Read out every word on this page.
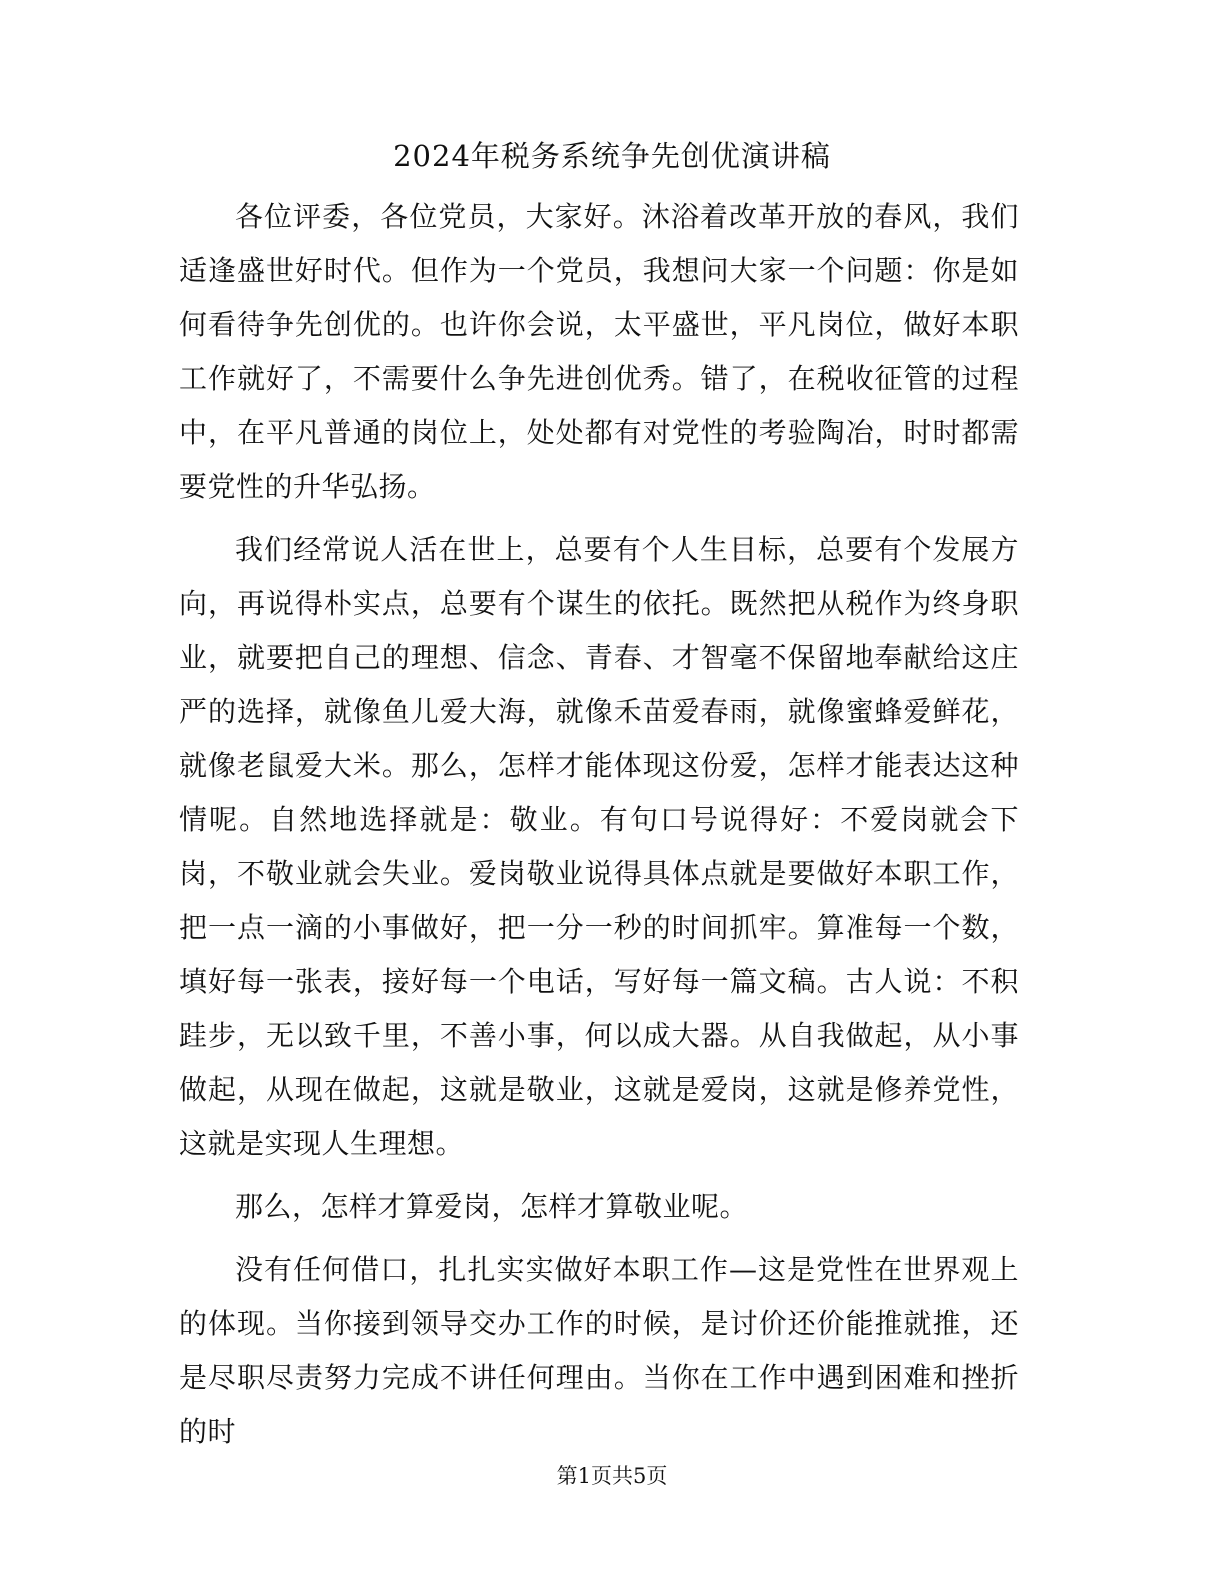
2024年税务系统争先创优演讲稿

各位评委，各位党员，大家好。沐浴着改革开放的春风，我们适逢盛世好时代。但作为一个党员，我想问大家一个问题：你是如何看待争先创优的。也许你会说，太平盛世，平凡岗位，做好本职工作就好了，不需要什么争先进创优秀。错了，在税收征管的过程中，在平凡普通的岗位上，处处都有对党性的考验陶冶，时时都需要党性的升华弘扬。

我们经常说人活在世上，总要有个人生目标，总要有个发展方向，再说得朴实点，总要有个谋生的依托。既然把从税作为终身职业，就要把自己的理想、信念、青春、才智毫不保留地奉献给这庄严的选择，就像鱼儿爱大海，就像禾苗爱春雨，就像蜜蜂爱鲜花，就像老鼠爱大米。那么，怎样才能体现这份爱，怎样才能表达这种情呢。自然地选择就是：敬业。有句口号说得好：不爱岗就会下岗，不敬业就会失业。爱岗敬业说得具体点就是要做好本职工作，把一点一滴的小事做好，把一分一秒的时间抓牢。算准每一个数，填好每一张表，接好每一个电话，写好每一篇文稿。古人说：不积跬步，无以致千里，不善小事，何以成大器。从自我做起，从小事做起，从现在做起，这就是敬业，这就是爱岗，这就是修养党性，这就是实现人生理想。

那么，怎样才算爱岗，怎样才算敬业呢。

没有任何借口，扎扎实实做好本职工作—这是党性在世界观上的体现。当你接到领导交办工作的时候，是讨价还价能推就推，还是尽职尽责努力完成不讲任何理由。当你在工作中遇到困难和挫折的时

第1页共5页
